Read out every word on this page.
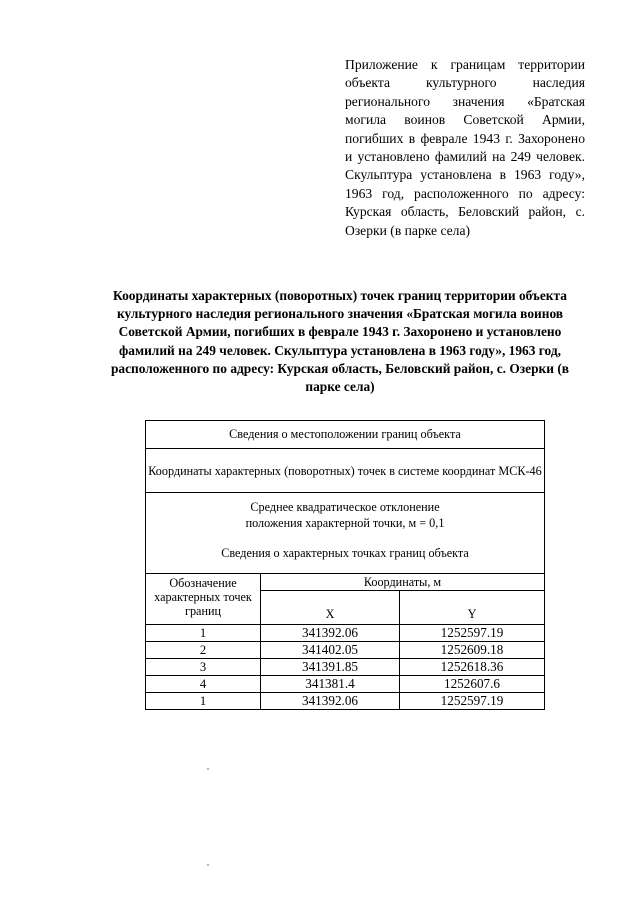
Приложение к границам территории объекта культурного наследия регионального значения «Братская могила воинов Советской Армии, погибших в феврале 1943 г. Захоронено и установлено фамилий на 249 человек. Скульптура установлена в 1963 году», 1963 год, расположенного по адресу: Курская область, Беловский район, с. Озерки (в парке села)
Координаты характерных (поворотных) точек границ территории объекта культурного наследия регионального значения «Братская могила воинов Советской Армии, погибших в феврале 1943 г. Захоронено и установлено фамилий на 249 человек. Скульптура установлена в 1963 году», 1963 год, расположенного по адресу: Курская область, Беловский район, с. Озерки (в парке села)
Сведения о местоположении границ объекта		
Координаты характерных (поворотных) точек в системе координат МСК-46		

Среднее квадратическое отклонение
положения характерной точки, м = 0,1
Сведения о характерных точках границ объекта		

Обозначение характерных точек границ	Координаты, м	
	X	Y
1	341392.06	1252597.19
2	341402.05	1252609.18
3	341391.85	1252618.36
4	341381.4	1252607.6
1	341392.06	1252597.19
